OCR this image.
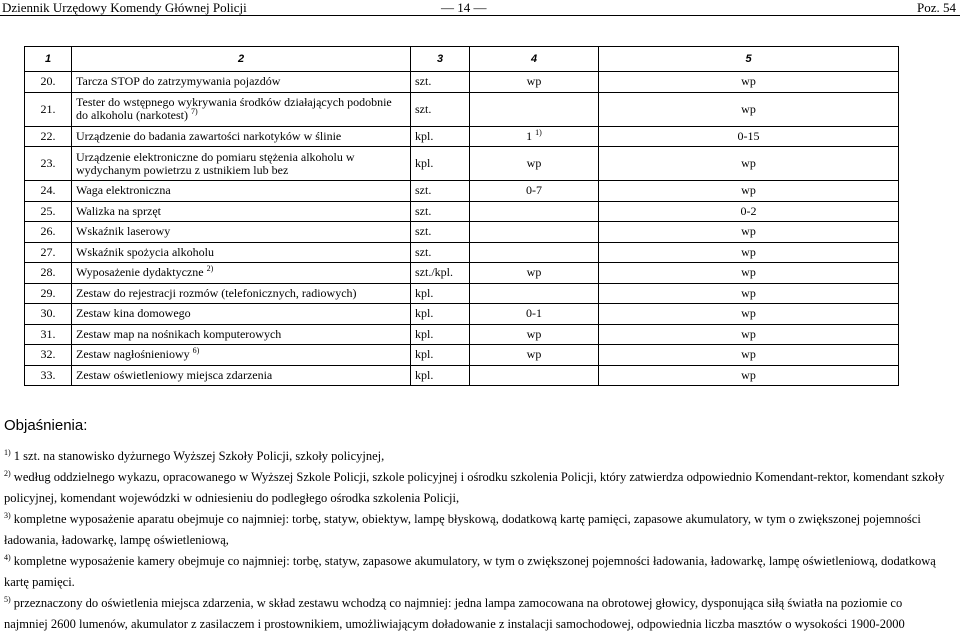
Dziennik Urzędowy Komendy Głównej Policji	— 14 —	Poz. 54
1	2	3	4	5
20.	Tarcza STOP do zatrzymywania pojazdów	szt.	wp	wp
21.	Tester do wstępnego wykrywania środków działających podobnie do alkoholu (narkotest) $^{7)}$	szt.		wp
22.	Urządzenie do badania zawartości narkotyków w ślinie	kpl.	1 $^{1)}$	0-15
23.	Urządzenie elektroniczne do pomiaru stężenia alkoholu w wydychanym powietrzu z ustnikiem lub bez	kpl.	wp	wp
24.	Waga elektroniczna	szt.	0-7	wp
25.	Walizka na sprzęt	szt.		0-2
26.	Wskaźnik laserowy	szt.		wp
27.	Wskaźnik spożycia alkoholu	szt.		wp
28.	Wyposażenie dydaktyczne $^{2)}$	szt./kpl.	wp	wp
29.	Zestaw do rejestracji rozmów (telefonicznych, radiowych)	kpl.		wp
30.	Zestaw kina domowego	kpl.	0-1	wp
31.	Zestaw map na nośnikach komputerowych	kpl.	wp	wp
32.	Zestaw nagłośnieniowy $^{6)}$	kpl.	wp	wp
33.	Zestaw oświetleniowy miejsca zdarzenia	kpl.		wp
Objaśnienia:
$^{1)}$ 1 szt. na stanowisko dyżurnego Wyższej Szkoły Policji, szkoły policyjnej,
$^{2)}$ według oddzielnego wykazu, opracowanego w Wyższej Szkole Policji, szkole policyjnej i ośrodku szkolenia Policji, który zatwierdza odpowiednio Komendant-rektor, komendant szkoły policyjnej, komendant wojewódzki w odniesieniu do podległego ośrodka szkolenia Policji,
$^{3)}$ kompletne wyposażenie aparatu obejmuje co najmniej: torbę, statyw, obiektyw, lampę błyskową, dodatkową kartę pamięci, zapasowe akumulatory, w tym o zwiększonej pojemności ładowania, ładowarkę, lampę oświetleniową,
$^{4)}$ kompletne wyposażenie kamery obejmuje co najmniej: torbę, statyw, zapasowe akumulatory, w tym o zwiększonej pojemności ładowania, ładowarkę, lampę oświetleniową, dodatkową kartę pamięci.
$^{5)}$ przeznaczony do oświetlenia miejsca zdarzenia, w skład zestawu wchodzą co najmniej: jedna lampa zamocowana na obrotowej głowicy, dysponująca siłą światła na poziomie co najmniej 2600 lumenów, akumulator z zasilaczem i prostownikiem, umożliwiającym doładowanie z instalacji samochodowej, odpowiednia liczba masztów o wysokości 1900-2000
